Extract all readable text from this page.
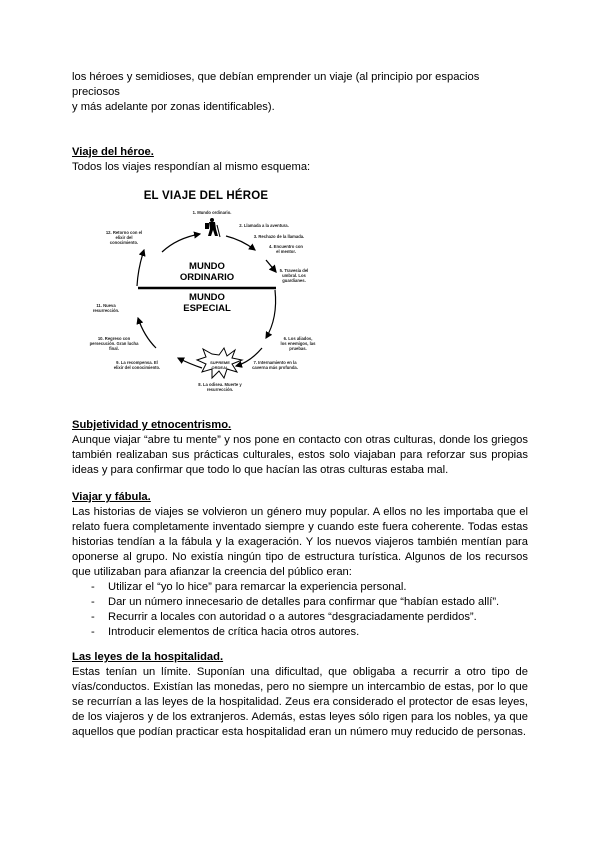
los héroes y semidioses, que debían emprender un viaje (al principio por espacios preciosos

y más adelante por zonas identificables).

Viaje del héroe.

Todos los viajes respondían al mismo esquema:

EL VIAJE DEL HÉROE
MUNDO
ORDINARIO
MUNDO
ESPECIAL
SUPREME
ORDEAL
1. Mundo ordinario.
2. Llamada a la aventura.
3. Rechazo de la llamada.
4. Encuentro con el mentor.
5. Travesía del umbral. Los guardianes.
6. Los aliados, los enemigos, las pruebas.
7. Internamiento en la caverna más profunda.
8. La odisea. Muerte y resurrección.
9. La recompensa. El elixir del conocimiento.
10. Regreso con persecución. Gran lucha final.
11. Nueva resurrección.
12. Retorno con el elixir del conocimiento.

Subjetividad y etnocentrismo.

Aunque viajar “abre tu mente” y nos pone en contacto con otras culturas, donde los griegos también realizaban sus prácticas culturales, estos solo viajaban para reforzar sus propias ideas y para confirmar que todo lo que hacían las otras culturas estaba mal.

Viajar y fábula.

Las historias de viajes se volvieron un género muy popular. A ellos no les importaba que el relato fuera completamente inventado siempre y cuando este fuera coherente. Todas estas historias tendían a la fábula y la exageración. Y los nuevos viajeros también mentían para oponerse al grupo. No existía ningún tipo de estructura turística. Algunos de los recursos que utilizaban para afianzar la creencia del público eran:

- Utilizar el “yo lo hice” para remarcar la experiencia personal.
- Dar un número innecesario de detalles para confirmar que “habían estado allí”.
- Recurrir a locales con autoridad o a autores “desgraciadamente perdidos”.
- Introducir elementos de crítica hacia otros autores.

Las leyes de la hospitalidad.

Estas tenían un límite. Suponían una dificultad, que obligaba a recurrir a otro tipo de vías/conductos. Existían las monedas, pero no siempre un intercambio de estas, por lo que se recurrían a las leyes de la hospitalidad. Zeus era considerado el protector de esas leyes, de los viajeros y de los extranjeros. Además, estas leyes sólo rigen para los nobles, ya que aquellos que podían practicar esta hospitalidad eran un número muy reducido de personas.
